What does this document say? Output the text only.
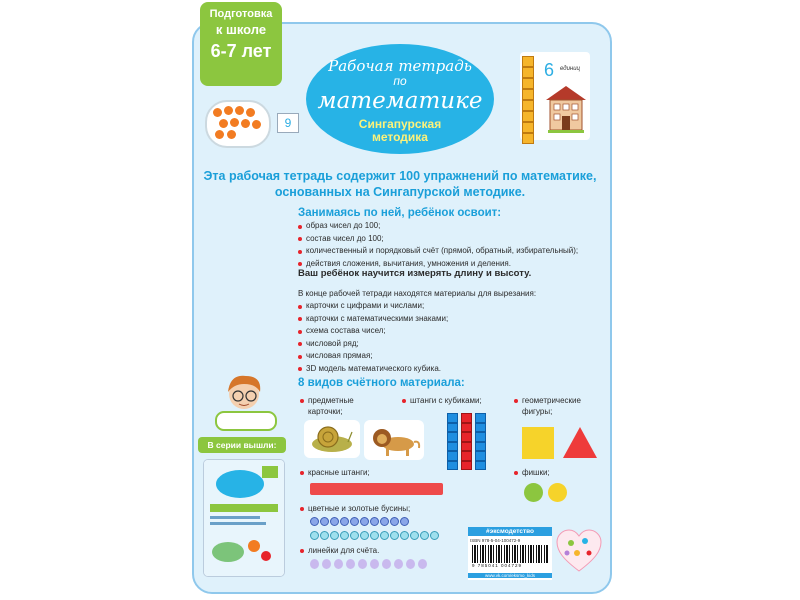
Подготовка
к школе
6-7 лет
Рабочая тетрадь
по
математике
Сингапурская
методика
9
6 единиц
Эта рабочая тетрадь содержит 100 упражнений по математике,
основанных на Сингапурской методике.
Занимаясь по ней, ребёнок освоит:
образ чисел до 100;
состав чисел до 100;
количественный и порядковый счёт (прямой, обратный, избирательный);
действия сложения, вычитания, умножения и деления.
Ваш ребёнок научится измерять длину и высоту.
В конце рабочей тетради находятся материалы для вырезания:
карточки с цифрами и числами;
карточки с математическими знаками;
схема состава чисел;
числовой ряд;
числовая прямая;
3D модель математического кубика.
8 видов счётного материала:
предметные
карточки;
штанги с кубиками;	геометрические
фигуры;
красные штанги;	фишки;
цветные и золотые бусины;
линейки для счёта.
В серии вышли:
#эксмодетство
ISBN 978-5-04-100472-9
9 785041 004729
www.vk.com/eksmo_kids
